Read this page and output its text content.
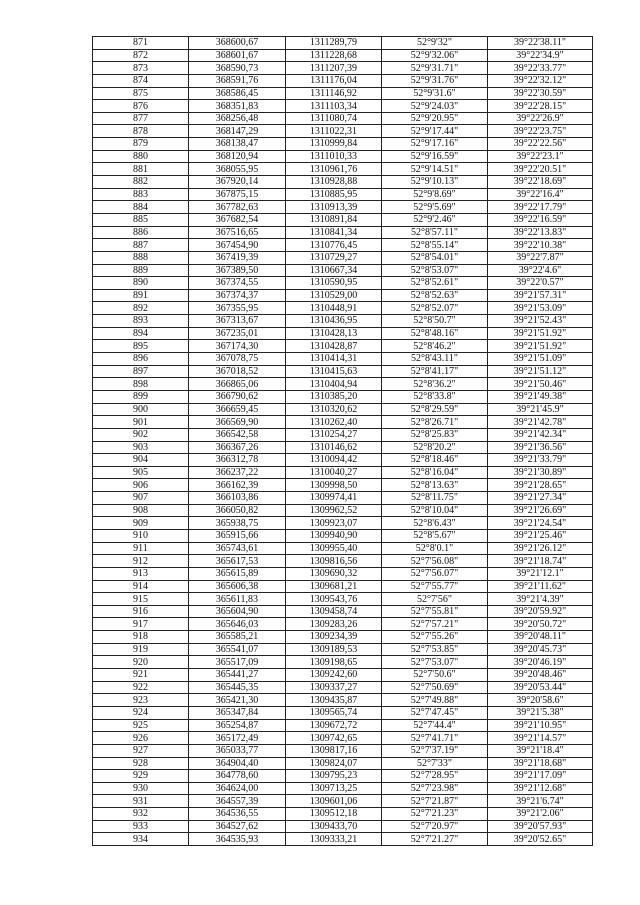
871	368600,67	1311289,79	52°9'32"	39°22'38.11"
872	368601,67	1311228,68	52°9'32.06"	39°22'34.9"
873	368590,73	1311207,39	52°9'31.71"	39°22'33.77"
874	368591,76	1311176,04	52°9'31.76"	39°22'32.12"
875	368586,45	1311146,92	52°9'31.6"	39°22'30.59"
876	368351,83	1311103,34	52°9'24.03"	39°22'28.15"
877	368256,48	1311080,74	52°9'20.95"	39°22'26.9"
878	368147,29	1311022,31	52°9'17.44"	39°22'23.75"
879	368138,47	1310999,84	52°9'17.16"	39°22'22.56"
880	368120,94	1311010,33	52°9'16.59"	39°22'23.1"
881	368055,95	1310961,76	52°9'14.51"	39°22'20.51"
882	367920,14	1310928,88	52°9'10.13"	39°22'18.69"
883	367875,15	1310885,95	52°9'8.69"	39°22'16.4"
884	367782,63	1310913,39	52°9'5.69"	39°22'17.79"
885	367682,54	1310891,84	52°9'2.46"	39°22'16.59"
886	367516,65	1310841,34	52°8'57.11"	39°22'13.83"
887	367454,90	1310776,45	52°8'55.14"	39°22'10.38"
888	367419,39	1310729,27	52°8'54.01"	39°22'7.87"
889	367389,50	1310667,34	52°8'53.07"	39°22'4.6"
890	367374,55	1310590,95	52°8'52.61"	39°22'0.57"
891	367374,37	1310529,00	52°8'52.63"	39°21'57.31"
892	367355,95	1310448,91	52°8'52.07"	39°21'53.09"
893	367313,67	1310436,95	52°8'50.7"	39°21'52.43"
894	367235,01	1310428,13	52°8'48.16"	39°21'51.92"
895	367174,30	1310428,87	52°8'46.2"	39°21'51.92"
896	367078,75	1310414,31	52°8'43.11"	39°21'51.09"
897	367018,52	1310415,63	52°8'41.17"	39°21'51.12"
898	366865,06	1310404,94	52°8'36.2"	39°21'50.46"
899	366790,62	1310385,20	52°8'33.8"	39°21'49.38"
900	366659,45	1310320,62	52°8'29.59"	39°21'45.9"
901	366569,90	1310262,40	52°8'26.71"	39°21'42.78"
902	366542,58	1310254,27	52°8'25.83"	39°21'42.34"
903	366367,26	1310146,62	52°8'20.2"	39°21'36.56"
904	366312,78	1310094,42	52°8'18.46"	39°21'33.79"
905	366237,22	1310040,27	52°8'16.04"	39°21'30.89"
906	366162,39	1309998,50	52°8'13.63"	39°21'28.65"
907	366103,86	1309974,41	52°8'11.75"	39°21'27.34"
908	366050,82	1309962,52	52°8'10.04"	39°21'26.69"
909	365938,75	1309923,07	52°8'6.43"	39°21'24.54"
910	365915,66	1309940,90	52°8'5.67"	39°21'25.46"
911	365743,61	1309955,40	52°8'0.1"	39°21'26.12"
912	365617,53	1309816,56	52°7'56.08"	39°21'18.74"
913	365615,89	1309690,32	52°7'56.07"	39°21'12.1"
914	365606,38	1309681,21	52°7'55.77"	39°21'11.62"
915	365611,83	1309543,76	52°7'56"	39°21'4.39"
916	365604,90	1309458,74	52°7'55.81"	39°20'59.92"
917	365646,03	1309283,26	52°7'57.21"	39°20'50.72"
918	365585,21	1309234,39	52°7'55.26"	39°20'48.11"
919	365541,07	1309189,53	52°7'53.85"	39°20'45.73"
920	365517,09	1309198,65	52°7'53.07"	39°20'46.19"
921	365441,27	1309242,60	52°7'50.6"	39°20'48.46"
922	365445,35	1309337,27	52°7'50.69"	39°20'53.44"
923	365421,30	1309435,87	52°7'49.88"	39°20'58.6"
924	365347,84	1309565,74	52°7'47.45"	39°21'5.38"
925	365254,87	1309672,72	52°7'44.4"	39°21'10.95"
926	365172,49	1309742,65	52°7'41.71"	39°21'14.57"
927	365033,77	1309817,16	52°7'37.19"	39°21'18.4"
928	364904,40	1309824,07	52°7'33"	39°21'18.68"
929	364778,60	1309795,23	52°7'28.95"	39°21'17.09"
930	364624,00	1309713,25	52°7'23.98"	39°21'12.68"
931	364557,39	1309601,06	52°7'21.87"	39°21'6.74"
932	364536,55	1309512,18	52°7'21.23"	39°21'2.06"
933	364527,62	1309433,70	52°7'20.97"	39°20'57.93"
934	364535,93	1309333,21	52°7'21.27"	39°20'52.65"
